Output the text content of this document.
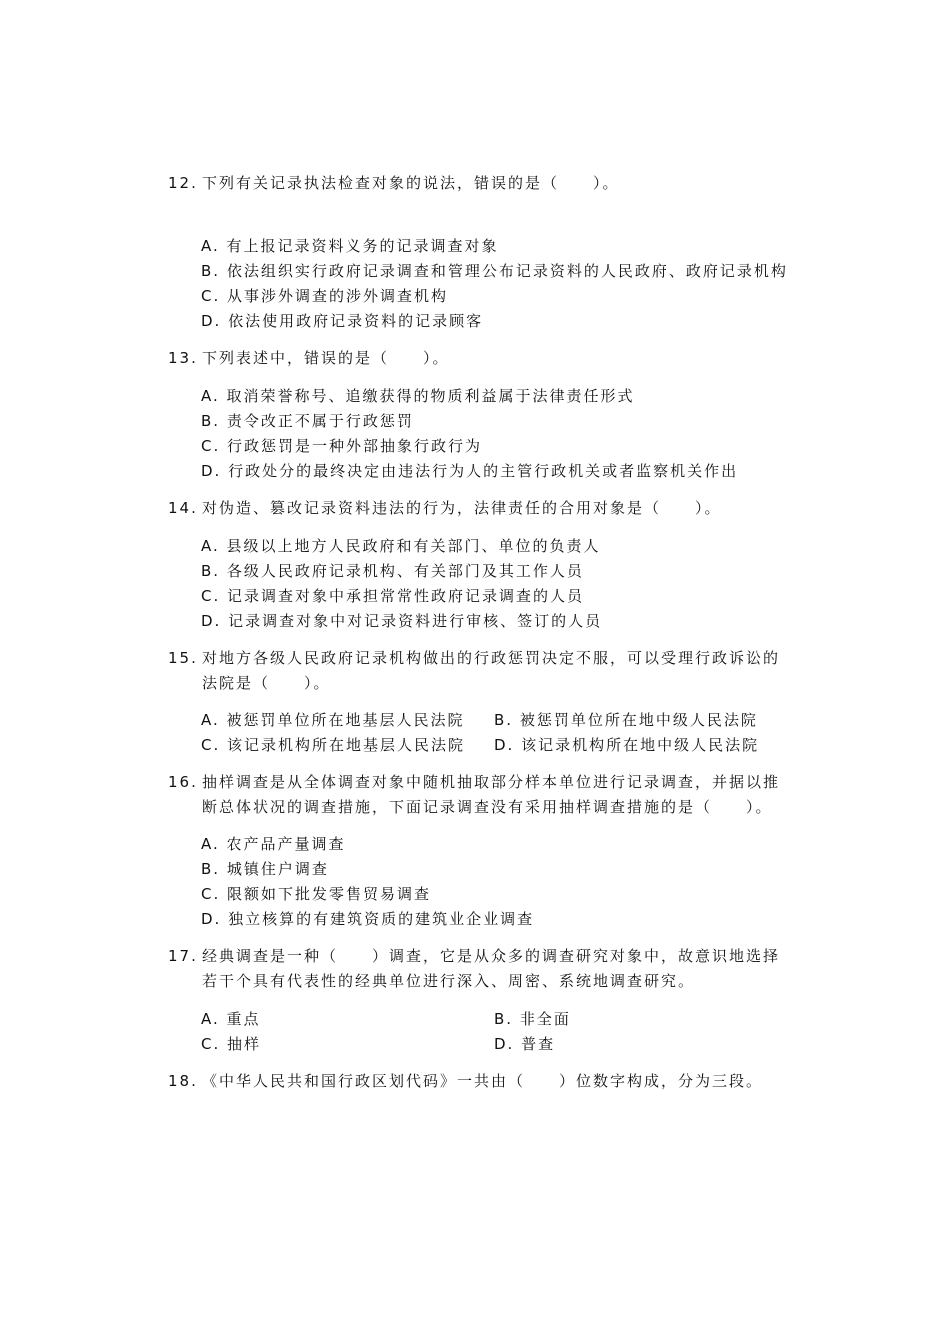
12. 下列有关记录执法检查对象的说法，错误的是（　　）。
A. 有上报记录资料义务的记录调查对象
B. 依法组织实行政府记录调查和管理公布记录资料的人民政府、政府记录机构
C. 从事涉外调查的涉外调查机构
D. 依法使用政府记录资料的记录顾客
13. 下列表述中，错误的是（　　）。
A. 取消荣誉称号、追缴获得的物质利益属于法律责任形式
B. 责令改正不属于行政惩罚
C. 行政惩罚是一种外部抽象行政行为
D. 行政处分的最终决定由违法行为人的主管行政机关或者监察机关作出
14. 对伪造、篡改记录资料违法的行为，法律责任的合用对象是（　　）。
A. 县级以上地方人民政府和有关部门、单位的负责人
B. 各级人民政府记录机构、有关部门及其工作人员
C. 记录调查对象中承担常常性政府记录调查的人员
D. 记录调查对象中对记录资料进行审核、签订的人员
15. 对地方各级人民政府记录机构做出的行政惩罚决定不服，可以受理行政诉讼的
法院是（　　）。
A. 被惩罚单位所在地基层人民法院 B. 被惩罚单位所在地中级人民法院
C. 该记录机构所在地基层人民法院 D. 该记录机构所在地中级人民法院
16. 抽样调查是从全体调查对象中随机抽取部分样本单位进行记录调查，并据以推
断总体状况的调查措施，下面记录调查没有采用抽样调查措施的是（　　）。
A. 农产品产量调查
B. 城镇住户调查
C. 限额如下批发零售贸易调查
D. 独立核算的有建筑资质的建筑业企业调查
17. 经典调查是一种（　　）调查，它是从众多的调查研究对象中，故意识地选择
若干个具有代表性的经典单位进行深入、周密、系统地调查研究。
A. 重点	B. 非全面
C. 抽样	D. 普查
18. 《中华人民共和国行政区划代码》一共由（　　）位数字构成，分为三段。
